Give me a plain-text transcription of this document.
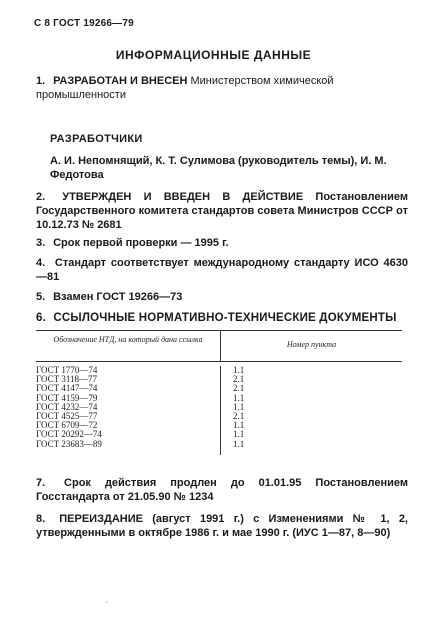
С 8 ГОСТ 19266—79
ИНФОРМАЦИОННЫЕ ДАННЫЕ
1. РАЗРАБОТАН И ВНЕСЕН Министерством химической промышленности
РАЗРАБОТЧИКИ
А. И. Непомнящий, К. Т. Сулимова (руководитель темы), И. М. Федотова
2. УТВЕРЖДЕН И ВВЕДЕН В ДЕЙСТВИЕ Постановлением Государственного комитета стандартов совета Министров СССР от 10.12.73 № 2681
3. Срок первой проверки — 1995 г.
4. Стандарт соответствует международному стандарту ИСО 4630—81
5. Взамен ГОСТ 19266—73
6. ССЫЛОЧНЫЕ НОРМАТИВНО-ТЕХНИЧЕСКИЕ ДОКУМЕНТЫ
Обозначение НТД, на который дана ссылка
Номер пункта
ГОСТ 1770—74
ГОСТ 3118—77
ГОСТ 4147—74
ГОСТ 4159—79
ГОСТ 4232—74
ГОСТ 4525—77
ГОСТ 6709—72
ГОСТ 20292—74
ГОСТ 23683—89
1.1
2.1
2.1
1.1
1.1
2.1
1.1
1.1
1.1
7. Срок действия продлен до 01.01.95 Постановлением Госстандарта от 21.05.90 № 1234
8. ПЕРЕИЗДАНИЕ (август 1991 г.) с Изменениями № 1, 2, утвержденными в октябре 1986 г. и мае 1990 г. (ИУС 1—87, 8—90)
'
